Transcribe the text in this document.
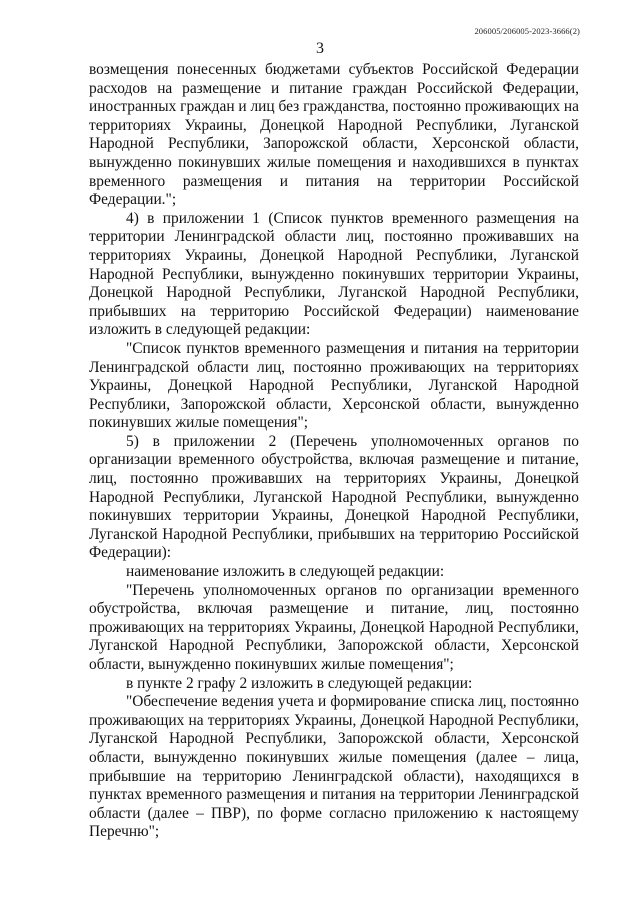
206005/206005-2023-3666(2)
3

возмещения понесенных бюджетами субъектов Российской Федерации расходов на размещение и питание граждан Российской Федерации, иностранных граждан и лиц без гражданства, постоянно проживающих на территориях Украины, Донецкой Народной Республики, Луганской Народной Республики, Запорожской области, Херсонской области, вынужденно покинувших жилые помещения и находившихся в пунктах временного размещения и питания на территории Российской Федерации.";

4) в приложении 1 (Список пунктов временного размещения на территории Ленинградской области лиц, постоянно проживавших на территориях Украины, Донецкой Народной Республики, Луганской Народной Республики, вынужденно покинувших территории Украины, Донецкой Народной Республики, Луганской Народной Республики, прибывших на территорию Российской Федерации) наименование изложить в следующей редакции:

"Список пунктов временного размещения и питания на территории Ленинградской области лиц, постоянно проживающих на территориях Украины, Донецкой Народной Республики, Луганской Народной Республики, Запорожской области, Херсонской области, вынужденно покинувших жилые помещения";

5) в приложении 2 (Перечень уполномоченных органов по организации временного обустройства, включая размещение и питание, лиц, постоянно проживавших на территориях Украины, Донецкой Народной Республики, Луганской Народной Республики, вынужденно покинувших территории Украины, Донецкой Народной Республики, Луганской Народной Республики, прибывших на территорию Российской Федерации):

наименование изложить в следующей редакции:

"Перечень уполномоченных органов по организации временного обустройства, включая размещение и питание, лиц, постоянно проживающих на территориях Украины, Донецкой Народной Республики, Луганской Народной Республики, Запорожской области, Херсонской области, вынужденно покинувших жилые помещения";

в пункте 2 графу 2 изложить в следующей редакции:

"Обеспечение ведения учета и формирование списка лиц, постоянно проживающих на территориях Украины, Донецкой Народной Республики, Луганской Народной Республики, Запорожской области, Херсонской области, вынужденно покинувших жилые помещения (далее – лица, прибывшие на территорию Ленинградской области), находящихся в пунктах временного размещения и питания на территории Ленинградской области (далее – ПВР), по форме согласно приложению к настоящему Перечню";
